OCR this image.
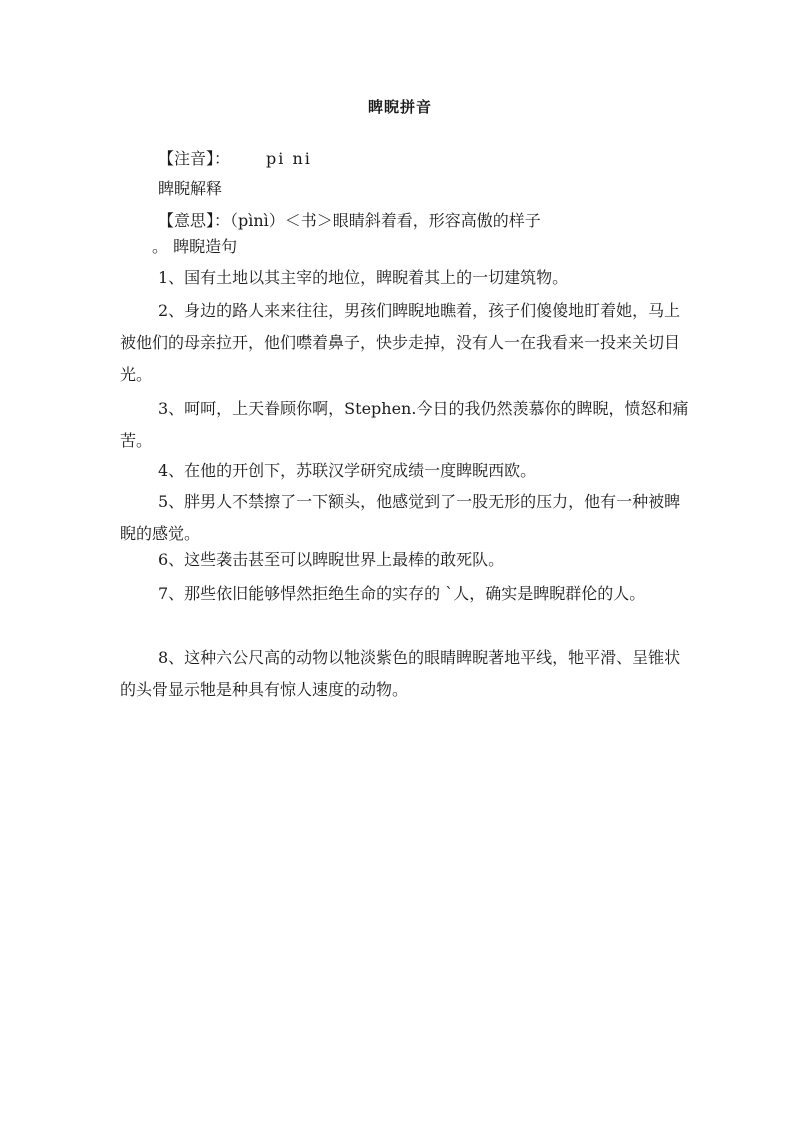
睥睨拼音
【注音】： pi ni
睥睨解释
【意思】：（pìnì）＜书＞眼睛斜着看，形容高傲的样子
。 睥睨造句
1、国有土地以其主宰的地位，睥睨着其上的一切建筑物。
2、身边的路人来来往往，男孩们睥睨地瞧着，孩子们傻傻地盯着她，马上被他们的母亲拉开，他们噤着鼻子，快步走掉，没有人一在我看来一投来关切目光。
3、呵呵，上天眷顾你啊，Stephen.今日的我仍然羡慕你的睥睨，愤怒和痛苦。
4、在他的开创下，苏联汉学研究成绩一度睥睨西欧。
5、胖男人不禁擦了一下额头，他感觉到了一股无形的压力，他有一种被睥睨的感觉。
6、这些袭击甚至可以睥睨世界上最棒的敢死队。
7、那些依旧能够悍然拒绝生命的实存的 `人，确实是睥睨群伦的人。
8、这种六公尺高的动物以牠淡紫色的眼睛睥睨著地平线，牠平滑、呈锥状的头骨显示牠是种具有惊人速度的动物。
